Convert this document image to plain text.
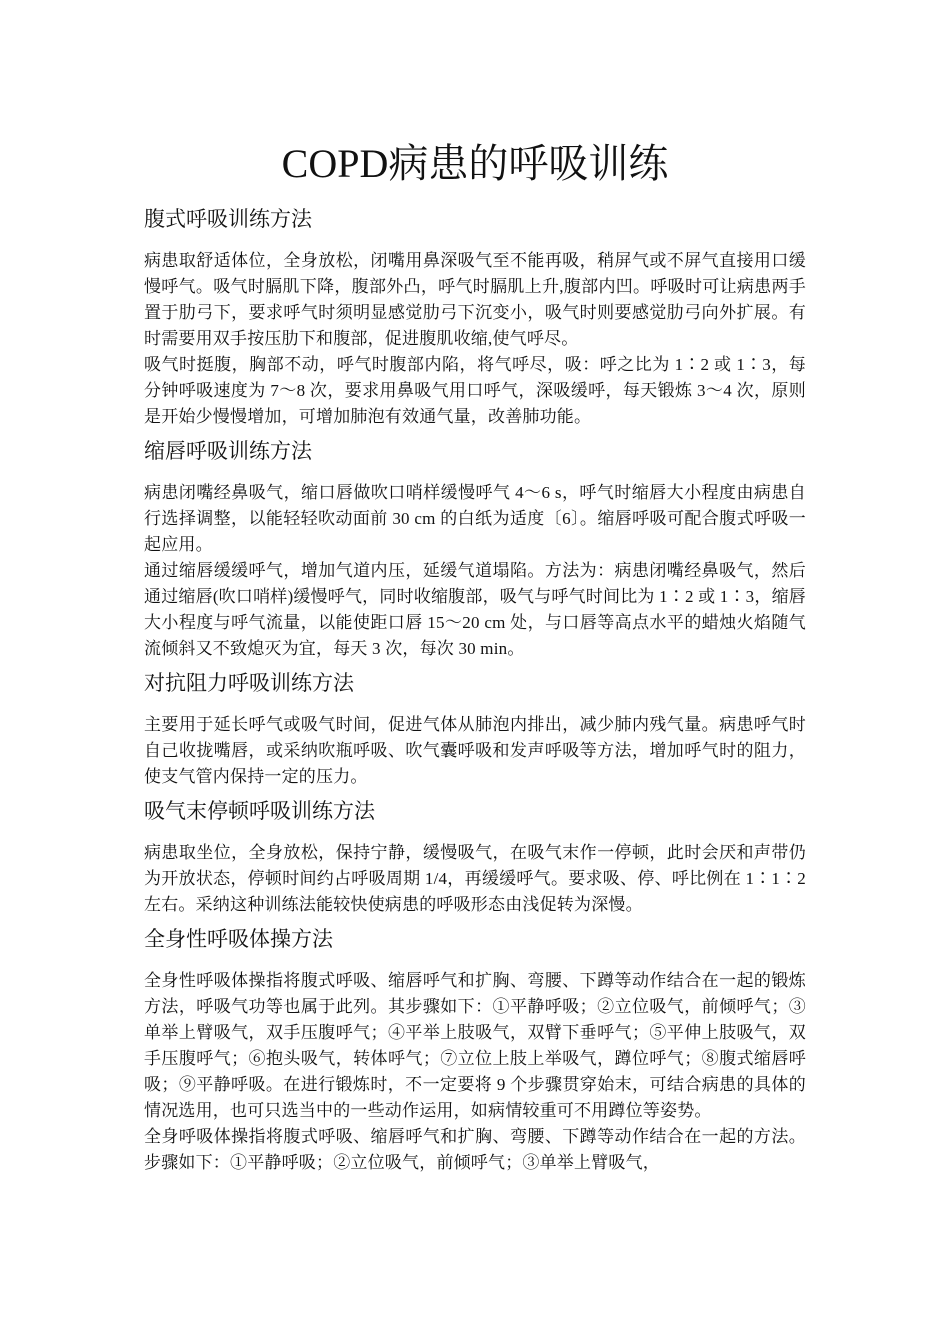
COPD病患的呼吸训练
腹式呼吸训练方法

病患取舒适体位，全身放松，闭嘴用鼻深吸气至不能再吸，稍屏气或不屏气直接用口缓慢呼气。吸气时膈肌下降，腹部外凸，呼气时膈肌上升,腹部内凹。呼吸时可让病患两手置于肋弓下，要求呼气时须明显感觉肋弓下沉变小，吸气时则要感觉肋弓向外扩展。有时需要用双手按压肋下和腹部，促进腹肌收缩,使气呼尽。

吸气时挺腹，胸部不动，呼气时腹部内陷，将气呼尽，吸：呼之比为 1∶2 或 1∶3，每分钟呼吸速度为 7～8 次，要求用鼻吸气用口呼气，深吸缓呼，每天锻炼 3～4 次，原则是开始少慢慢增加，可增加肺泡有效通气量，改善肺功能。

缩唇呼吸训练方法

病患闭嘴经鼻吸气，缩口唇做吹口哨样缓慢呼气 4～6 s，呼气时缩唇大小程度由病患自行选择调整，以能轻轻吹动面前 30 cm 的白纸为适度〔6〕。缩唇呼吸可配合腹式呼吸一起应用。

通过缩唇缓缓呼气，增加气道内压，延缓气道塌陷。方法为：病患闭嘴经鼻吸气，然后通过缩唇(吹口哨样)缓慢呼气，同时收缩腹部，吸气与呼气时间比为 1∶2 或 1∶3，缩唇大小程度与呼气流量，以能使距口唇 15～20 cm 处，与口唇等高点水平的蜡烛火焰随气流倾斜又不致熄灭为宜，每天 3 次，每次 30 min。

对抗阻力呼吸训练方法

主要用于延长呼气或吸气时间，促进气体从肺泡内排出，减少肺内残气量。病患呼气时自己收拢嘴唇，或采纳吹瓶呼吸、吹气囊呼吸和发声呼吸等方法，增加呼气时的阻力，使支气管内保持一定的压力。

吸气末停顿呼吸训练方法

病患取坐位，全身放松，保持宁静，缓慢吸气，在吸气末作一停顿，此时会厌和声带仍为开放状态，停顿时间约占呼吸周期 1/4，再缓缓呼气。要求吸、停、呼比例在 1∶1∶2 左右。采纳这种训练法能较快使病患的呼吸形态由浅促转为深慢。

全身性呼吸体操方法

全身性呼吸体操指将腹式呼吸、缩唇呼气和扩胸、弯腰、下蹲等动作结合在一起的锻炼方法，呼吸气功等也属于此列。其步骤如下：①平静呼吸；②立位吸气，前倾呼气；③单举上臂吸气，双手压腹呼气；④平举上肢吸气，双臂下垂呼气；⑤平伸上肢吸气，双手压腹呼气；⑥抱头吸气，转体呼气；⑦立位上肢上举吸气，蹲位呼气；⑧腹式缩唇呼吸；⑨平静呼吸。在进行锻炼时，不一定要将 9 个步骤贯穿始末，可结合病患的具体的情况选用，也可只选当中的一些动作运用，如病情较重可不用蹲位等姿势。

全身呼吸体操指将腹式呼吸、缩唇呼气和扩胸、弯腰、下蹲等动作结合在一起的方法。步骤如下：①平静呼吸；②立位吸气，前倾呼气；③单举上臂吸气，
